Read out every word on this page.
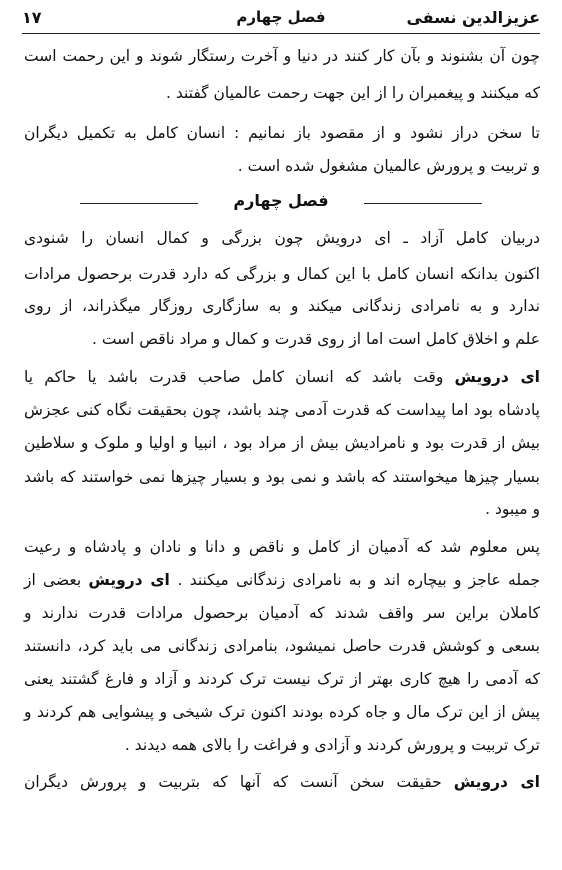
عزیزالدین نسفی
فصل چهارم
۱۷
چون آن بشنوند و بآن کار کنند در دنیا و آخرت رستگار شوند و این رحمت است
که میکنند و پیغمبران را از این جهت رحمت عالمیان گفتند .
تا سخن دراز نشود و از مقصود باز نمانیم : انسان کامل به تکمیل دیگران
و تربیت و پرورش عالمیان مشغول شده است .
فصل چهارم
دربیان کامل آزاد ـ ای درویش چون بزرگی و کمال انسان را شنودی
اکنون بدانکه انسان کامل با این کمال و بزرگی که دارد قدرت برحصول مرادات
ندارد و به نامرادی زندگانی میکند و به سازگاری روزگار میگذراند، از روی
علم و اخلاق کامل است اما از روی قدرت و کمال و مراد ناقص است .
ای درویش وقت باشد که انسان کامل صاحب قدرت باشد یا حاکم یا
پادشاه بود اما پیداست که قدرت آدمی چند باشد، چون بحقیقت نگاه کنی عجزش
بیش از قدرت بود و نامرادیش بیش از مراد بود ، انبیا و اولیا و ملوک و سلاطین
بسیار چیزها میخواستند که باشد و نمی بود و بسیار چیزها نمی خواستند که باشد
و میبود .
پس معلوم شد که آدمیان از کامل و ناقص و دانا و نادان و پادشاه و رعیت
جمله عاجز و بیچاره اند و به نامرادی زندگانی میکنند . ای درویش بعضی از
کاملان براین سر واقف شدند که آدمیان برحصول مرادات قدرت ندارند و
بسعی و کوشش قدرت حاصل نمیشود، بنامرادی زندگانی می باید کرد، دانستند
که آدمی را هیچ کاری بهتر از ترک نیست ترک کردند و آزاد و فارغ گشتند یعنی
پیش از این ترک مال و جاه کرده بودند اکنون ترک شیخی و پیشوایی هم کردند و
ترک تربیت و پرورش کردند و آزادی و فراغت را بالای همه دیدند .
ای درویش حقیقت سخن آنست که آنها که بتربیت و پرورش دیگران
